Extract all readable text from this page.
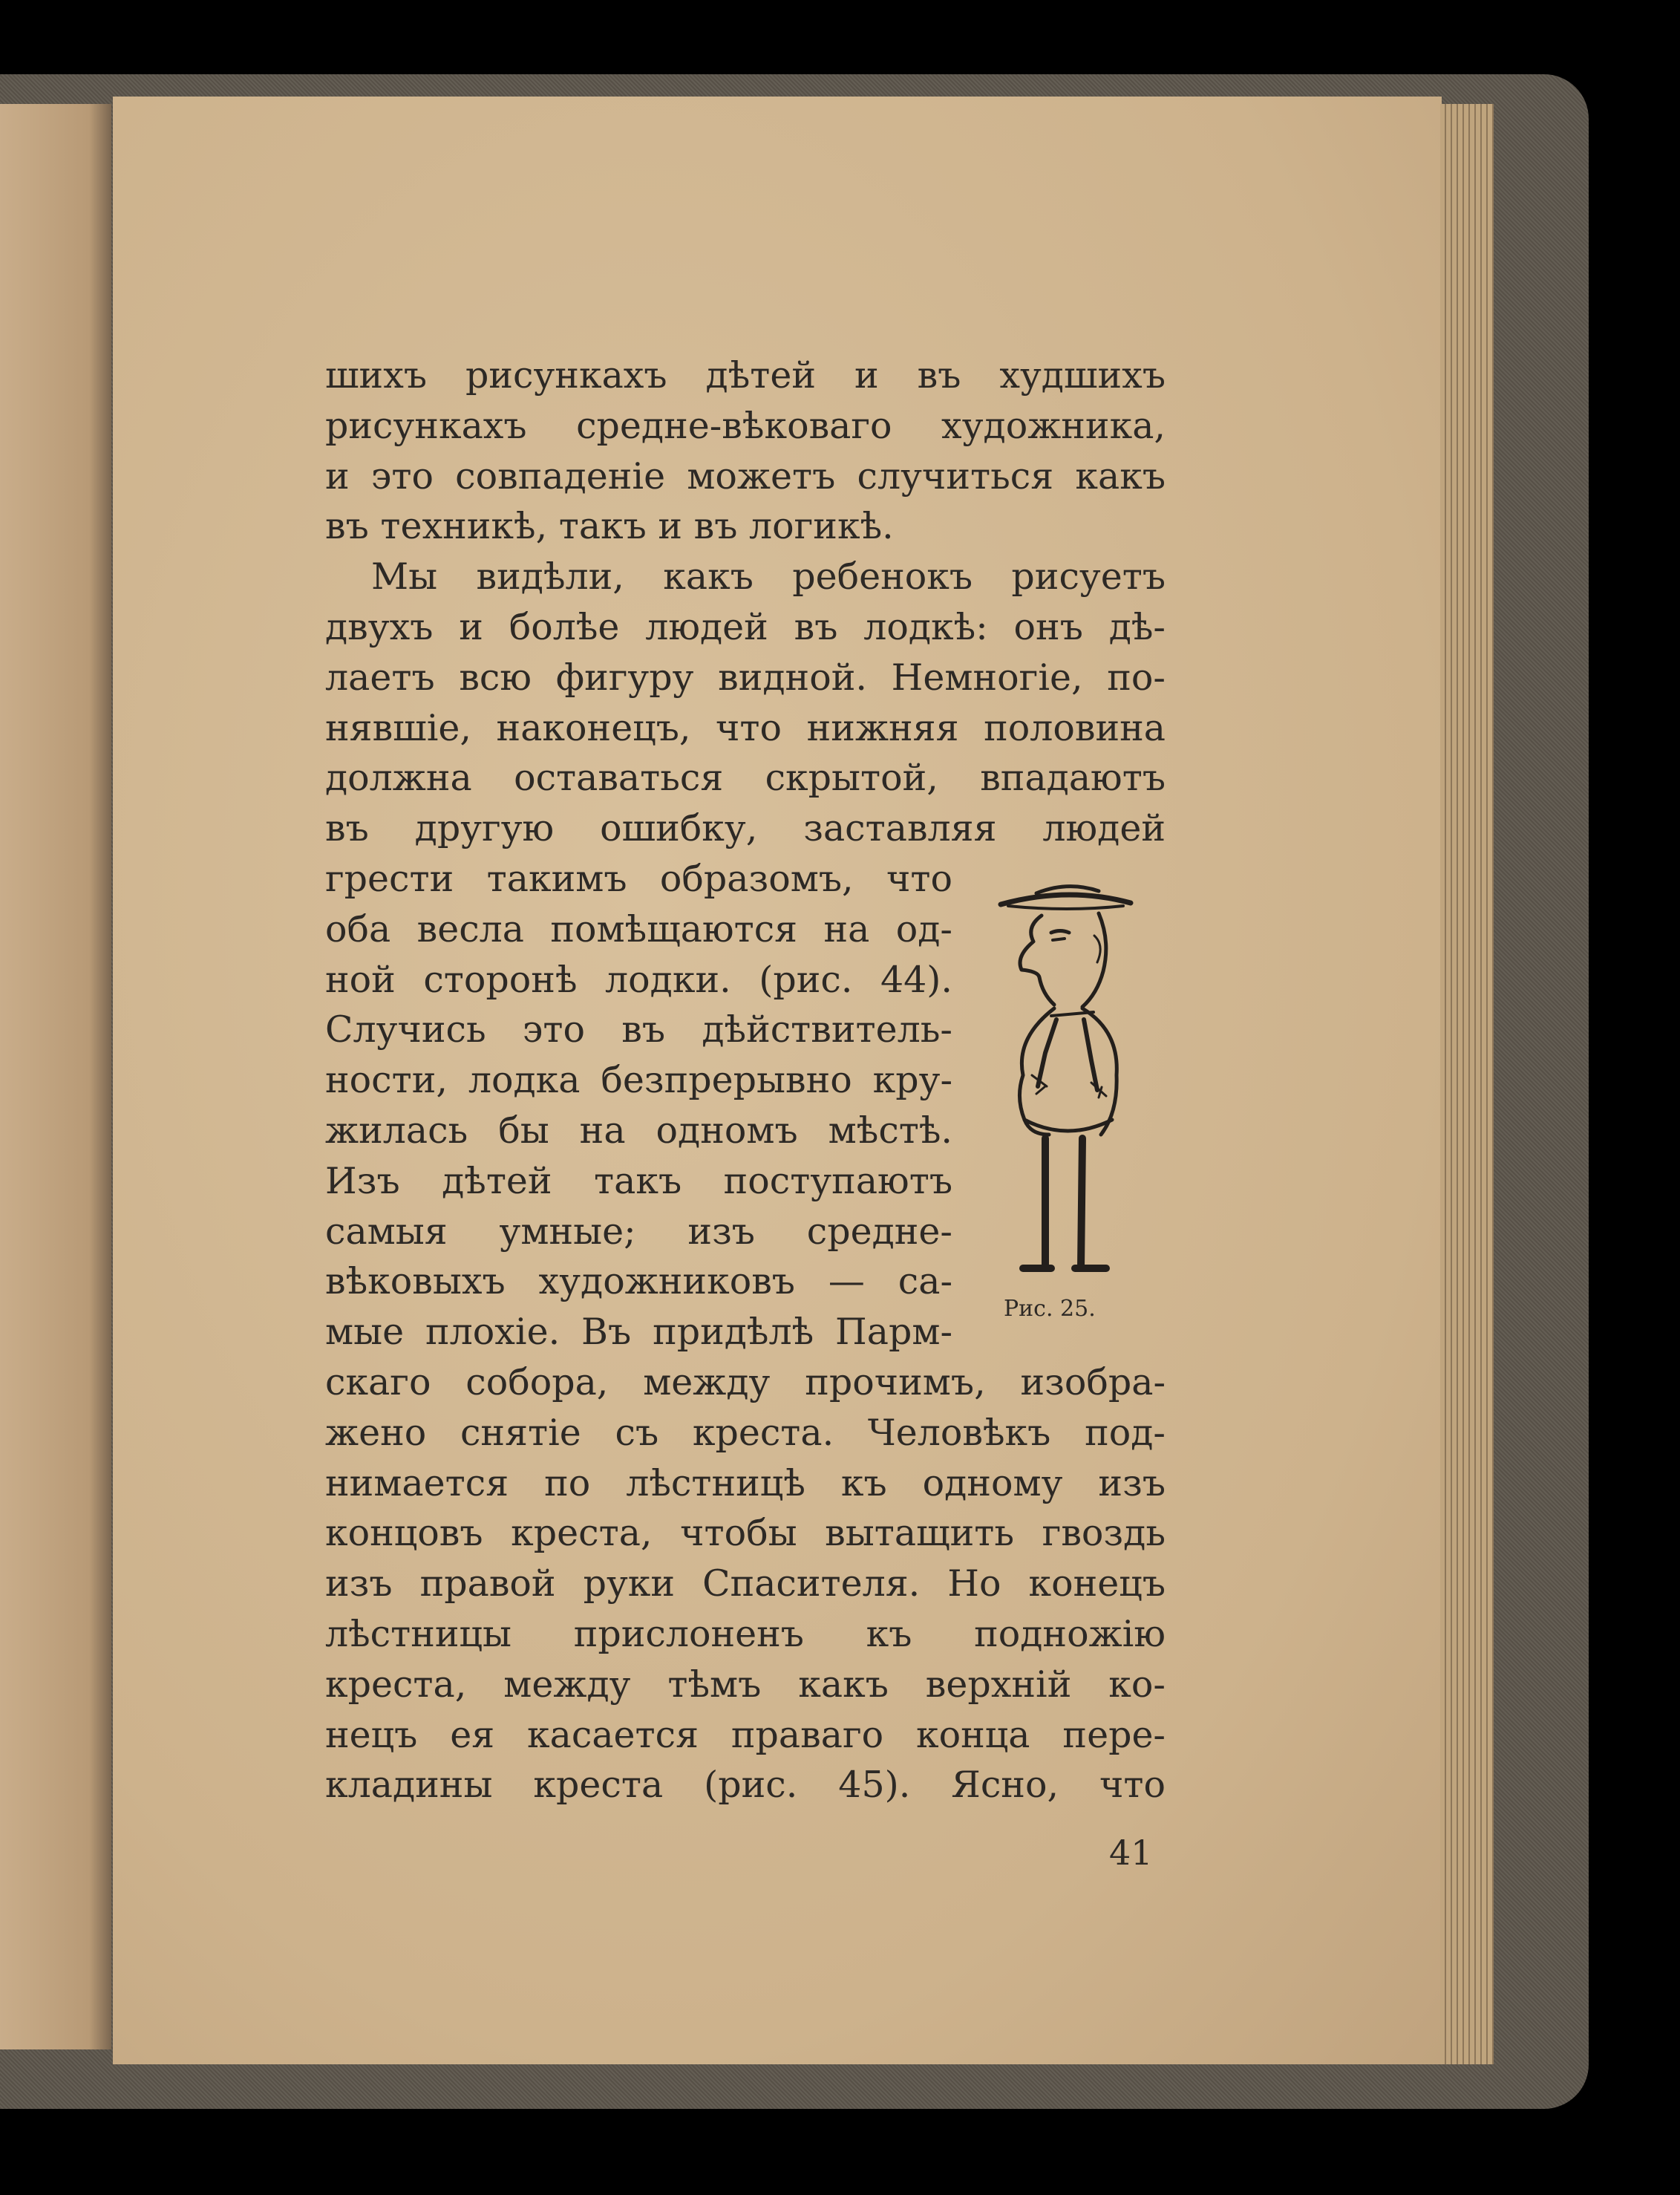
шихъ рисункахъ дѣтей и въ худшихъ
рисункахъ средне-вѣковаго художника,
и это совпаденіе можетъ случиться какъ
въ техникѣ, такъ и въ логикѣ.
Мы видѣли, какъ ребенокъ рисуетъ
двухъ и болѣе людей въ лодкѣ: онъ дѣ-
лаетъ всю фигуру видной. Немногіе, по-
нявшіе, наконецъ, что нижняя половина
должна оставаться скрытой, впадаютъ
въ другую ошибку, заставляя людей
грести такимъ образомъ, что
оба весла помѣщаются на од-
ной сторонѣ лодки. (рис. 44).
Случись это въ дѣйствитель-
ности, лодка безпрерывно кру-
жилась бы на одномъ мѣстѣ.
Изъ дѣтей такъ поступаютъ
самыя умные; изъ средне-
вѣковыхъ художниковъ — са-
мые плохіе. Въ придѣлѣ Парм-
скаго собора, между прочимъ, изобра-
жено снятіе съ креста. Человѣкъ под-
нимается по лѣстницѣ къ одному изъ
концовъ креста, чтобы вытащить гвоздь
изъ правой руки Спасителя. Но конецъ
лѣстницы прислоненъ къ подножію
креста, между тѣмъ какъ верхній ко-
нецъ ея касается праваго конца пере-
кладины креста (рис. 45). Ясно, что
Рис. 25.
41
